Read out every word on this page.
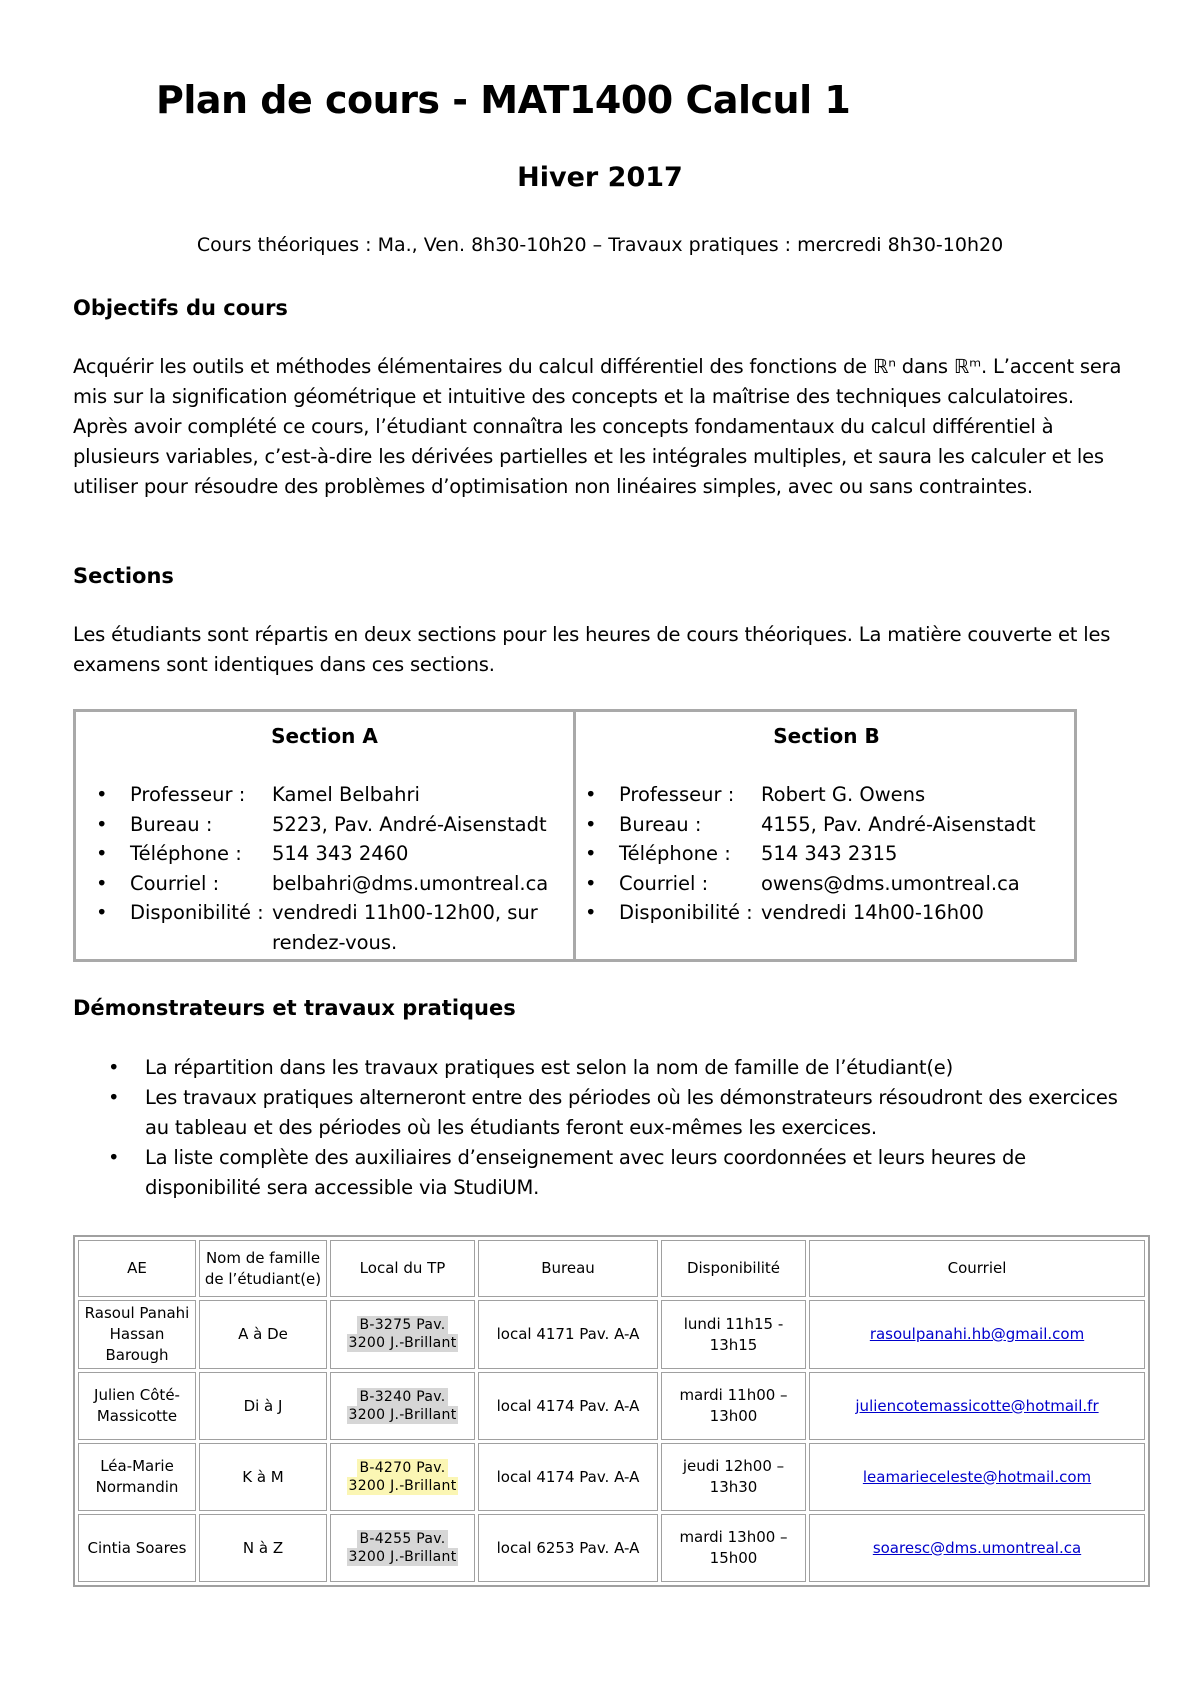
Plan de cours - MAT1400 Calcul 1
Hiver 2017
Cours théoriques : Ma., Ven. 8h30-10h20 – Travaux pratiques : mercredi 8h30-10h20
Objectifs du cours

Acquérir les outils et méthodes élémentaires du calcul différentiel des fonctions de ℝⁿ dans ℝᵐ. L’accent sera mis sur la signification géométrique et intuitive des concepts et la maîtrise des techniques calculatoires. Après avoir complété ce cours, l’étudiant connaîtra les concepts fondamentaux du calcul différentiel à plusieurs variables, c’est-à-dire les dérivées partielles et les intégrales multiples, et saura les calculer et les utiliser pour résoudre des problèmes d’optimisation non linéaires simples, avec ou sans contraintes.

Sections

Les étudiants sont répartis en deux sections pour les heures de cours théoriques. La matière couverte et les examens sont identiques dans ces sections.

Section A
• Professeur : Kamel Belbahri
• Bureau :	5223, Pav. André-Aisenstadt
• Téléphone : 514 343 2460
• Courriel :	belbahri@dms.umontreal.ca
• Disponibilité : vendredi 11h00-12h00, sur
rendez-vous.
Section B
• Professeur : Robert G. Owens
• Bureau :	4155, Pav. André-Aisenstadt
• Téléphone : 514 343 2315
• Courriel :	owens@dms.umontreal.ca
• Disponibilité : vendredi 14h00-16h00
Démonstrateurs et travaux pratiques
• La répartition dans les travaux pratiques est selon la nom de famille de l’étudiant(e)
• Les travaux pratiques alterneront entre des périodes où les démonstrateurs résoudront des exercices au tableau et des périodes où les étudiants feront eux-mêmes les exercices.
• La liste complète des auxiliaires d’enseignement avec leurs coordonnées et leurs heures de disponibilité sera accessible via StudiUM.
AE	Nom de famille de l’étudiant(e)	Local du TP	Bureau	Disponibilité	Courriel
Rasoul Panahi Hassan Barough	A à De	B-3275 Pav.
3200 J.-Brillant	local 4171 Pav. A-A	lundi 11h15 - 13h15	rasoulpanahi.hb@gmail.com
Julien Côté-Massicotte	Di à J	B-3240 Pav.
3200 J.-Brillant	local 4174 Pav. A-A	mardi 11h00 – 13h00	juliencotemassicotte@hotmail.fr
Léa-Marie Normandin	K à M	B-4270 Pav.
3200 J.-Brillant	local 4174 Pav. A-A	jeudi 12h00 – 13h30	leamarieceleste@hotmail.com
Cintia Soares	N à Z	B-4255 Pav.
3200 J.-Brillant	local 6253 Pav. A-A	mardi 13h00 – 15h00	soaresc@dms.umontreal.ca
